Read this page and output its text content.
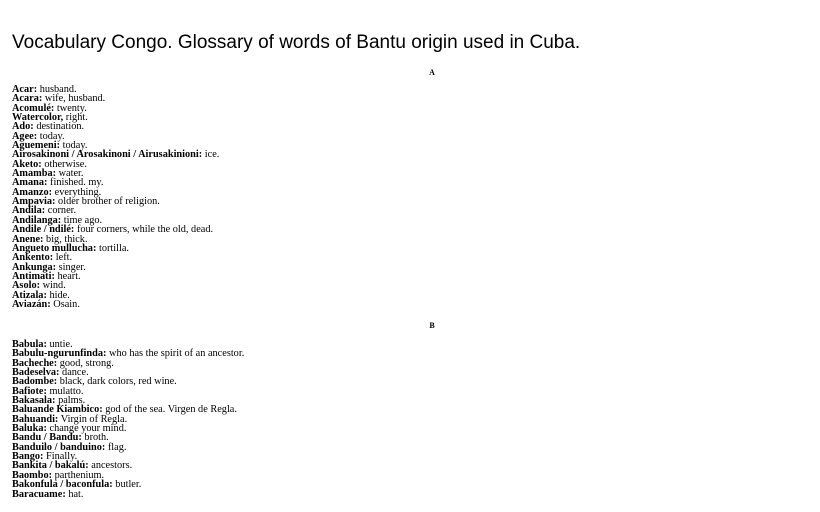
Vocabulary Congo. Glossary of words of Bantu origin used in Cuba.
A
Acar: husband.
Acara: wife, husband.
Acomulé: twenty.
Watercolor, right.
Ado: destination.
Agee: today.
Aguemeni: today.
Airosakinoni / Arosakinoni / Airusakinioni: ice.
Aketo: otherwise.
Amamba: water.
Amana: finished. my.
Amanzo: everything.
Ampavia: older brother of religion.
Andila: corner.
Andilanga: time ago.
Andile / ndilé: four corners, while the old, dead.
Anene: big, thick.
Angueto mullucha: tortilla.
Ankento: left.
Ankunga: singer.
Antimati: heart.
Asolo: wind.
Atizala: hide.
Aviazán: Osain.
B
Babula: untie.
Babulu-ngurunfinda: who has the spirit of an ancestor.
Bacheche: good, strong.
Badeselva: dance.
Badombe: black, dark colors, red wine.
Bafiote: mulatto.
Bakasala: palms.
Baluande Kiambico: god of the sea. Virgen de Regla.
Bahuandi: Virgin of Regla.
Baluka: change your mind.
Bandu / Bandu: broth.
Banduilo / banduino: flag.
Bango: Finally.
Bankita / bakalú: ancestors.
Baombo: parthenium.
Bakonfula / baconfula: butler.
Baracuame: hat.
